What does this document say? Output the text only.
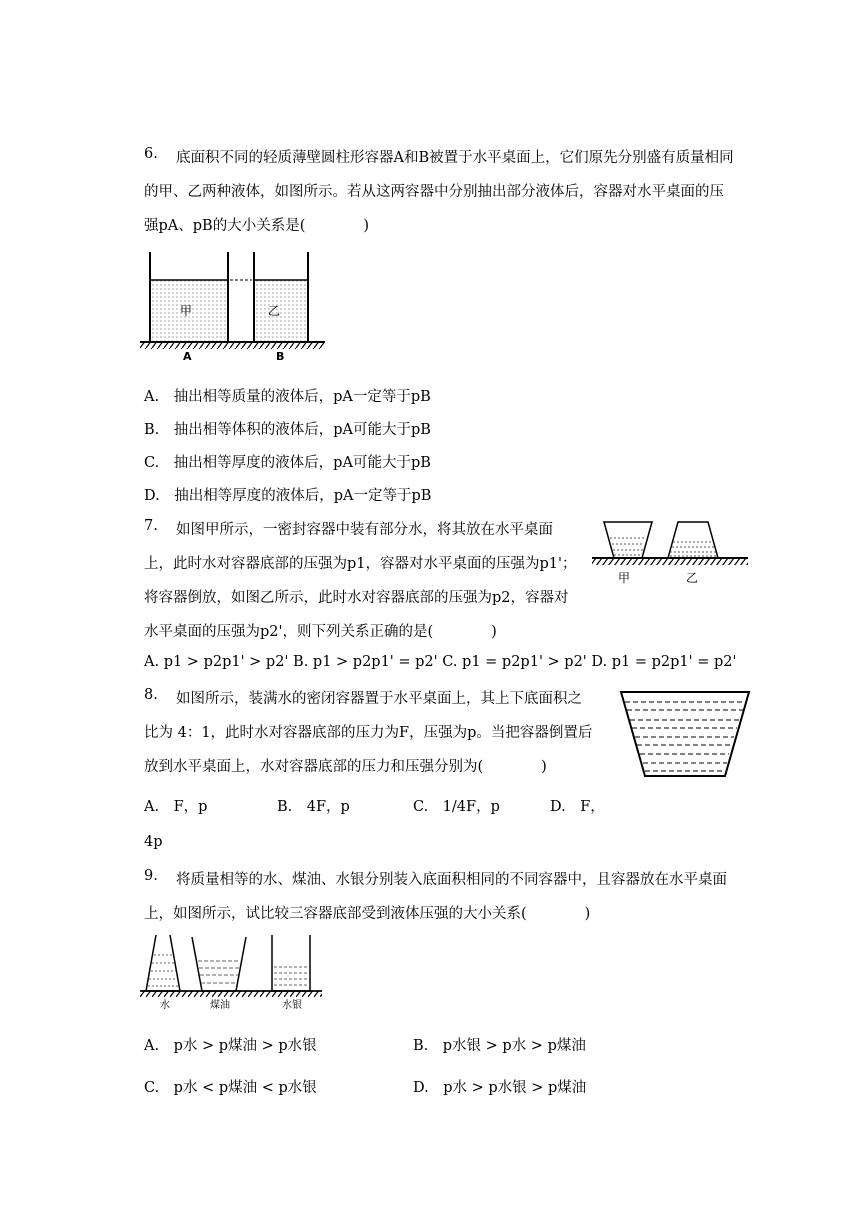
6. 底面积不同的轻质薄壁圆柱形容器A和B被置于水平桌面上，它们原先分别盛有质量相同
的甲、乙两种液体，如图所示。若从这两容器中分别抽出部分液体后，容器对水平桌面的压
强pA、pB的大小关系是(　　　　)
甲	乙
A	B
A.　抽出相等质量的液体后，pA一定等于pB
B.　抽出相等体积的液体后，pA可能大于pB
C.　抽出相等厚度的液体后，pA可能大于pB
D.　抽出相等厚度的液体后，pA一定等于pB
7. 如图甲所示，一密封容器中装有部分水，将其放在水平桌面
上，此时水对容器底部的压强为p1，容器对水平桌面的压强为p1'；
将容器倒放，如图乙所示，此时水对容器底部的压强为p2，容器对
水平桌面的压强为p2'，则下列关系正确的是(　　　　)
甲	乙
A. p1 > p2p1' > p2' B. p1 > p2p1' = p2' C. p1 = p2p1' > p2' D. p1 = p2p1' = p2'
8. 如图所示，装满水的密闭容器置于水平桌面上，其上下底面积之
比为 4：1，此时水对容器底部的压力为F，压强为p。当把容器倒置后
放到水平桌面上，水对容器底部的压力和压强分别为(　　　　)
A.　F，p	B.　4F，p	C.　1/4F，p	D.　F，
4p
9. 将质量相等的水、煤油、水银分别装入底面积相同的不同容器中，且容器放在水平桌面
上，如图所示，试比较三容器底部受到液体压强的大小关系(　　　　)
水	煤油	水银
A.　p水 > p煤油 > p水银	B.　p水银 > p水 > p煤油
C.　p水 < p煤油 < p水银	D.　p水 > p水银 > p煤油
